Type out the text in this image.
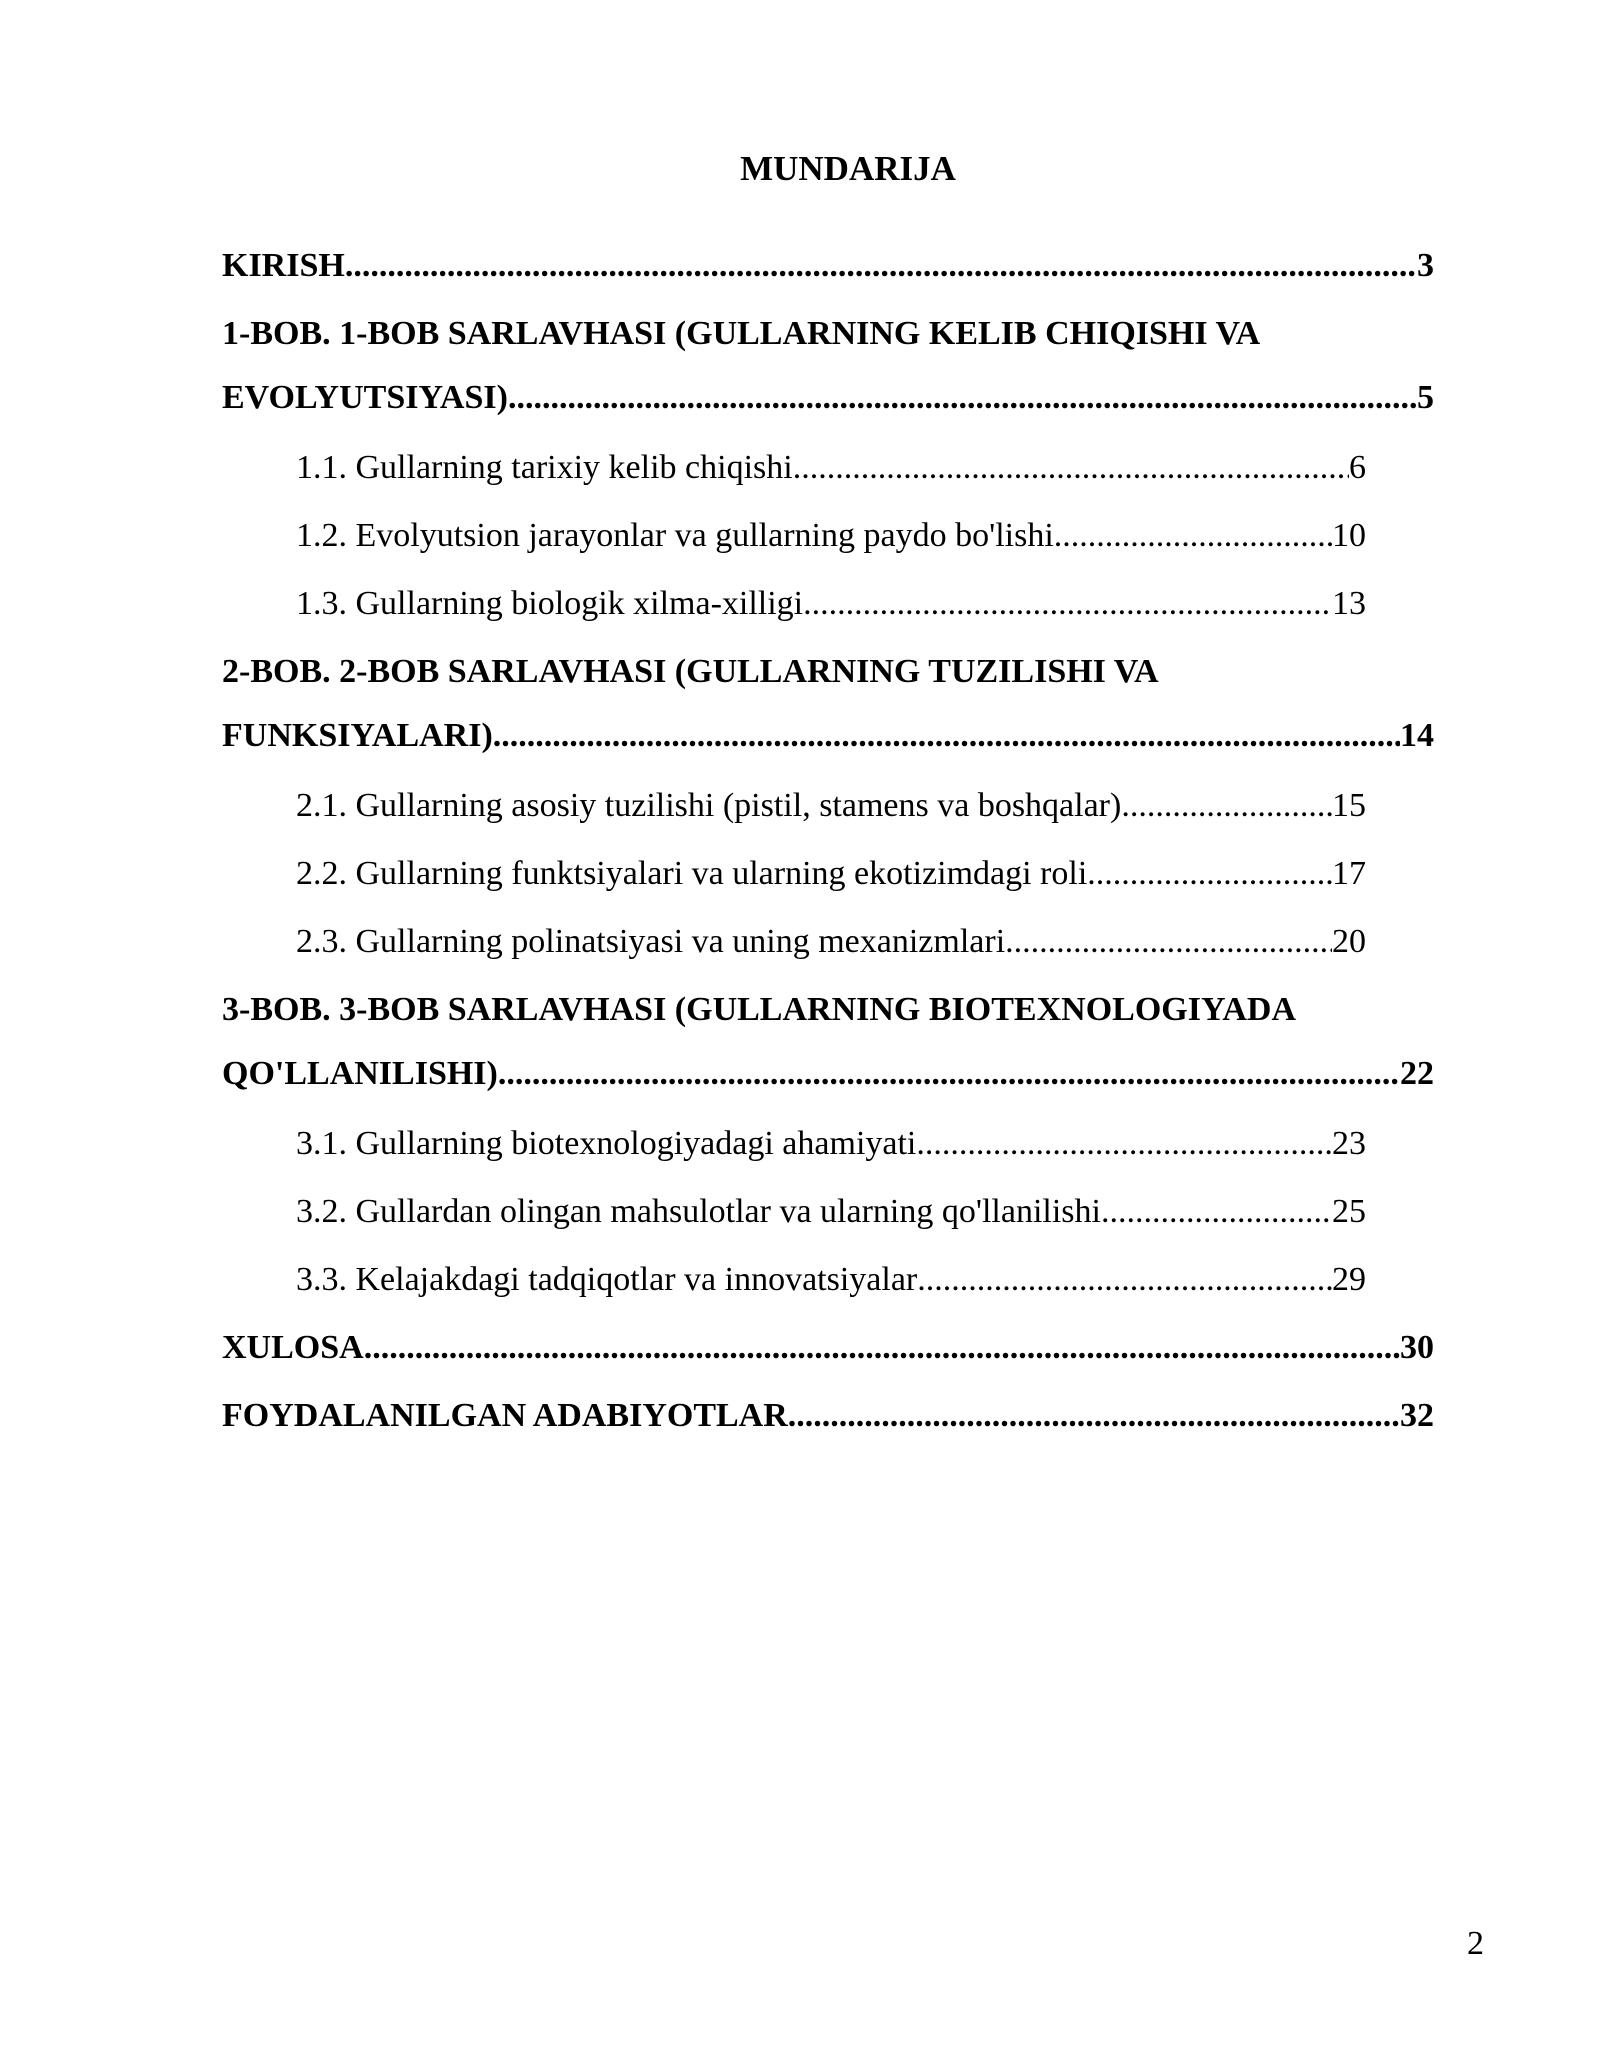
MUNDARIJA
KIRISH .....	3
1-BOB. 1-BOB SARLAVHASI (GULLARNING KELIB CHIQISHI VA
EVOLYUTSIYASI) .....	5
1.1. Gullarning tarixiy kelib chiqishi .....	6
1.2. Evolyutsion jarayonlar va gullarning paydo bo'lishi .....	10
1.3. Gullarning biologik xilma-xilligi .....	13
2-BOB. 2-BOB SARLAVHASI (GULLARNING TUZILISHI VA
FUNKSIYALARI) .....	14
2.1. Gullarning asosiy tuzilishi (pistil, stamens va boshqalar) .....	15
2.2. Gullarning funktsiyalari va ularning ekotizimdagi roli .....	17
2.3. Gullarning polinatsiyasi va uning mexanizmlari .....	20
3-BOB. 3-BOB SARLAVHASI (GULLARNING BIOTEXNOLOGIYADA
QO'LLANILISHI) .....	22
3.1. Gullarning biotexnologiyadagi ahamiyati .....	23
3.2. Gullardan olingan mahsulotlar va ularning qo'llanilishi .....	25
3.3. Kelajakdagi tadqiqotlar va innovatsiyalar .....	29
XULOSA .....	30
FOYDALANILGAN ADABIYOTLAR .....	32
2
